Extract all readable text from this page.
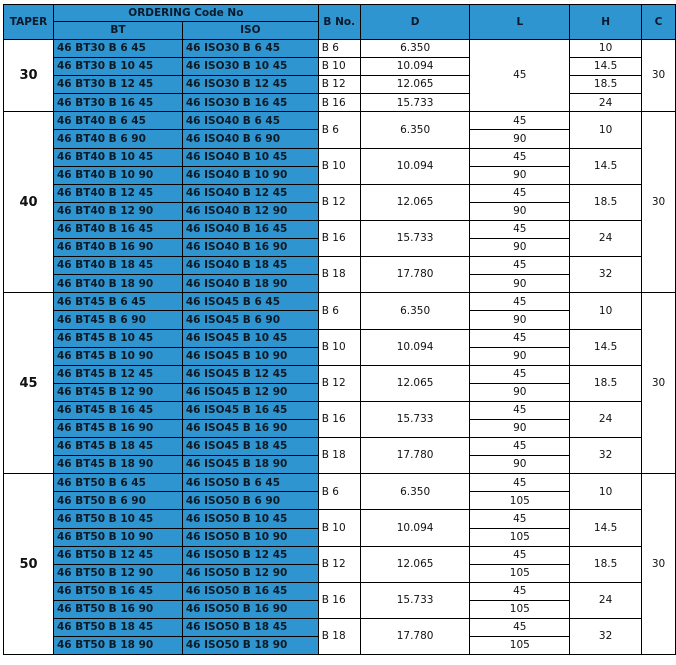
TAPER	ORDERING Code No		B No.	D	L	H	C
	BT	ISO					
30	46 BT30 B 6 45	46 ISO30 B 6 45	B 6	6.350	45	10	30
	46 BT30 B 10 45	46 ISO30 B 10 45	B 10	10.094		14.5	
	46 BT30 B 12 45	46 ISO30 B 12 45	B 12	12.065		18.5	
	46 BT30 B 16 45	46 ISO30 B 16 45	B 16	15.733		24	
40	46 BT40 B 6 45	46 ISO40 B 6 45	B 6	6.350	45	10	30
	46 BT40 B 6 90	46 ISO40 B 6 90			90		
	46 BT40 B 10 45	46 ISO40 B 10 45	B 10	10.094	45	14.5	
	46 BT40 B 10 90	46 ISO40 B 10 90			90		
	46 BT40 B 12 45	46 ISO40 B 12 45	B 12	12.065	45	18.5	
	46 BT40 B 12 90	46 ISO40 B 12 90			90		
	46 BT40 B 16 45	46 ISO40 B 16 45	B 16	15.733	45	24	
	46 BT40 B 16 90	46 ISO40 B 16 90			90		
	46 BT40 B 18 45	46 ISO40 B 18 45	B 18	17.780	45	32	
	46 BT40 B 18 90	46 ISO40 B 18 90			90		
45	46 BT45 B 6 45	46 ISO45 B 6 45	B 6	6.350	45	10	30
	46 BT45 B 6 90	46 ISO45 B 6 90			90		
	46 BT45 B 10 45	46 ISO45 B 10 45	B 10	10.094	45	14.5	
	46 BT45 B 10 90	46 ISO45 B 10 90			90		
	46 BT45 B 12 45	46 ISO45 B 12 45	B 12	12.065	45	18.5	
	46 BT45 B 12 90	46 ISO45 B 12 90			90		
	46 BT45 B 16 45	46 ISO45 B 16 45	B 16	15.733	45	24	
	46 BT45 B 16 90	46 ISO45 B 16 90			90		
	46 BT45 B 18 45	46 ISO45 B 18 45	B 18	17.780	45	32	
	46 BT45 B 18 90	46 ISO45 B 18 90			90		
50	46 BT50 B 6 45	46 ISO50 B 6 45	B 6	6.350	45	10	30
	46 BT50 B 6 90	46 ISO50 B 6 90			105		
	46 BT50 B 10 45	46 ISO50 B 10 45	B 10	10.094	45	14.5	
	46 BT50 B 10 90	46 ISO50 B 10 90			105		
	46 BT50 B 12 45	46 ISO50 B 12 45	B 12	12.065	45	18.5	
	46 BT50 B 12 90	46 ISO50 B 12 90			105		
	46 BT50 B 16 45	46 ISO50 B 16 45	B 16	15.733	45	24	
	46 BT50 B 16 90	46 ISO50 B 16 90			105		
	46 BT50 B 18 45	46 ISO50 B 18 45	B 18	17.780	45	32	
	46 BT50 B 18 90	46 ISO50 B 18 90			105		
